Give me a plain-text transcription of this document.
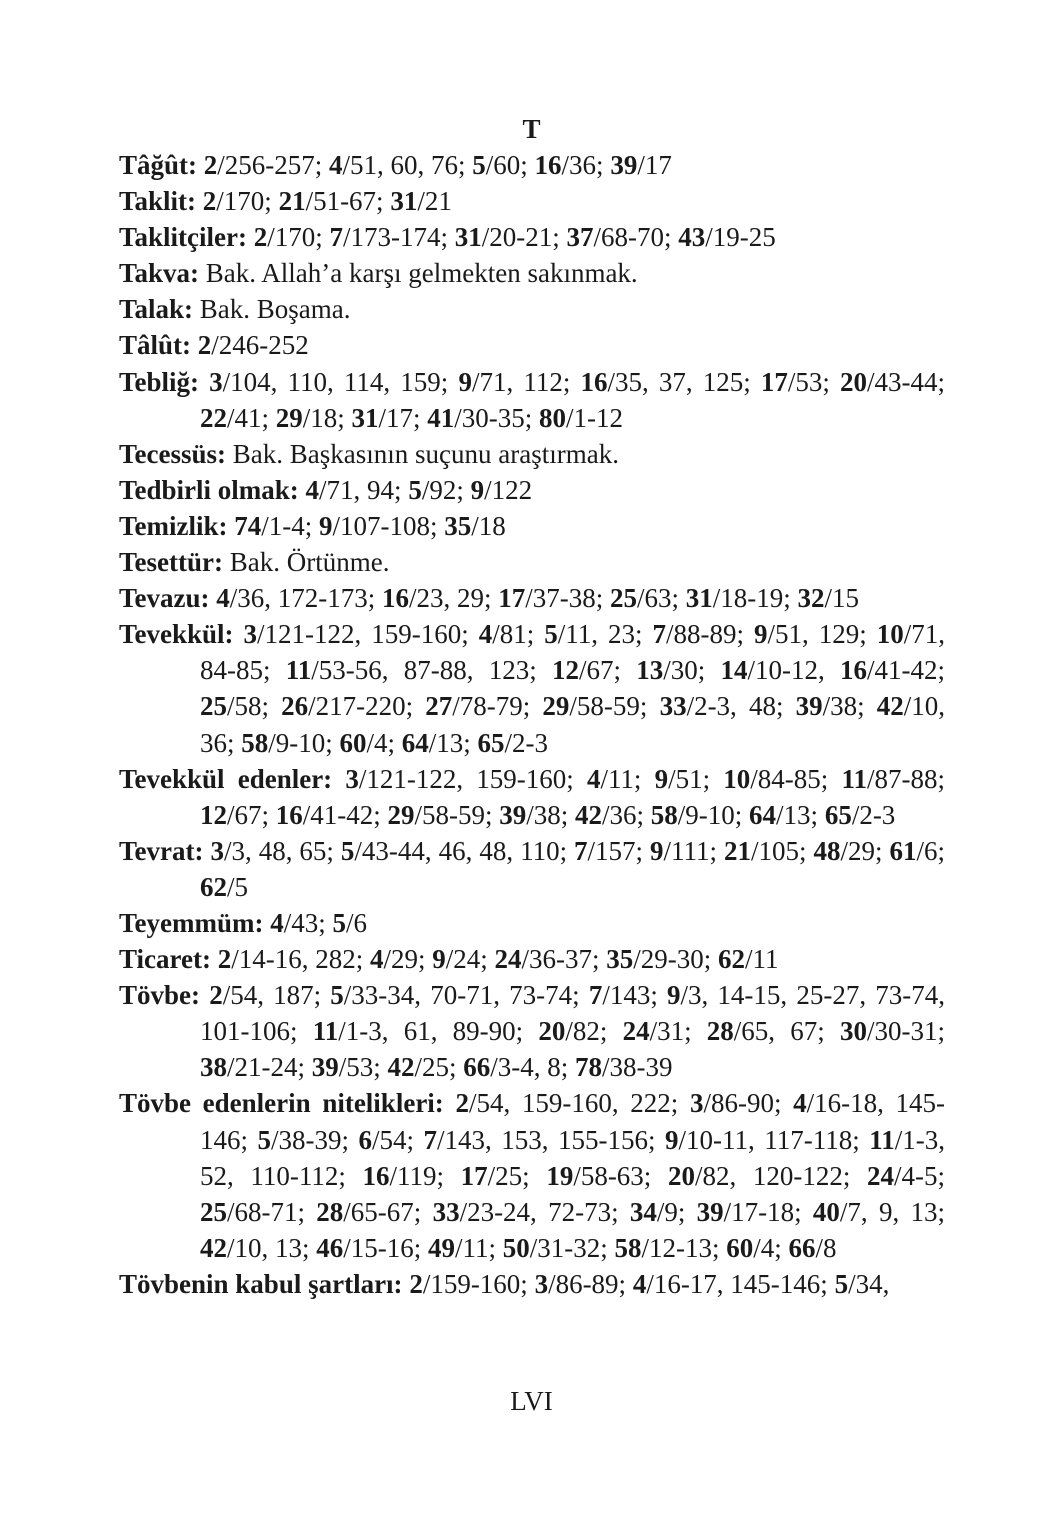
T
Tâğût: 2/256-257; 4/51, 60, 76; 5/60; 16/36; 39/17
Taklit: 2/170; 21/51-67; 31/21
Taklitçiler: 2/170; 7/173-174; 31/20-21; 37/68-70; 43/19-25
Takva: Bak. Allah’a karşı gelmekten sakınmak.
Talak: Bak. Boşama.
Tâlût: 2/246-252
Tebliğ: 3/104, 110, 114, 159; 9/71, 112; 16/35, 37, 125; 17/53; 20/43-44; 22/41; 29/18; 31/17; 41/30-35; 80/1-12
Tecessüs: Bak. Başkasının suçunu araştırmak.
Tedbirli olmak: 4/71, 94; 5/92; 9/122
Temizlik: 74/1-4; 9/107-108; 35/18
Tesettür: Bak. Örtünme.
Tevazu: 4/36, 172-173; 16/23, 29; 17/37-38; 25/63; 31/18-19; 32/15
Tevekkül: 3/121-122, 159-160; 4/81; 5/11, 23; 7/88-89; 9/51, 129; 10/71, 84-85; 11/53-56, 87-88, 123; 12/67; 13/30; 14/10-12, 16/41-42; 25/58; 26/217-220; 27/78-79; 29/58-59; 33/2-3, 48; 39/38; 42/10, 36; 58/9-10; 60/4; 64/13; 65/2-3
Tevekkül edenler: 3/121-122, 159-160; 4/11; 9/51; 10/84-85; 11/87-88; 12/67; 16/41-42; 29/58-59; 39/38; 42/36; 58/9-10; 64/13; 65/2-3
Tevrat: 3/3, 48, 65; 5/43-44, 46, 48, 110; 7/157; 9/111; 21/105; 48/29; 61/6; 62/5
Teyemmüm: 4/43; 5/6
Ticaret: 2/14-16, 282; 4/29; 9/24; 24/36-37; 35/29-30; 62/11
Tövbe: 2/54, 187; 5/33-34, 70-71, 73-74; 7/143; 9/3, 14-15, 25-27, 73-74, 101-106; 11/1-3, 61, 89-90; 20/82; 24/31; 28/65, 67; 30/30-31; 38/21-24; 39/53; 42/25; 66/3-4, 8; 78/38-39
Tövbe edenlerin nitelikleri: 2/54, 159-160, 222; 3/86-90; 4/16-18, 145-146; 5/38-39; 6/54; 7/143, 153, 155-156; 9/10-11, 117-118; 11/1-3, 52, 110-112; 16/119; 17/25; 19/58-63; 20/82, 120-122; 24/4-5; 25/68-71; 28/65-67; 33/23-24, 72-73; 34/9; 39/17-18; 40/7, 9, 13; 42/10, 13; 46/15-16; 49/11; 50/31-32; 58/12-13; 60/4; 66/8
Tövbenin kabul şartları: 2/159-160; 3/86-89; 4/16-17, 145-146; 5/34,
LVI
